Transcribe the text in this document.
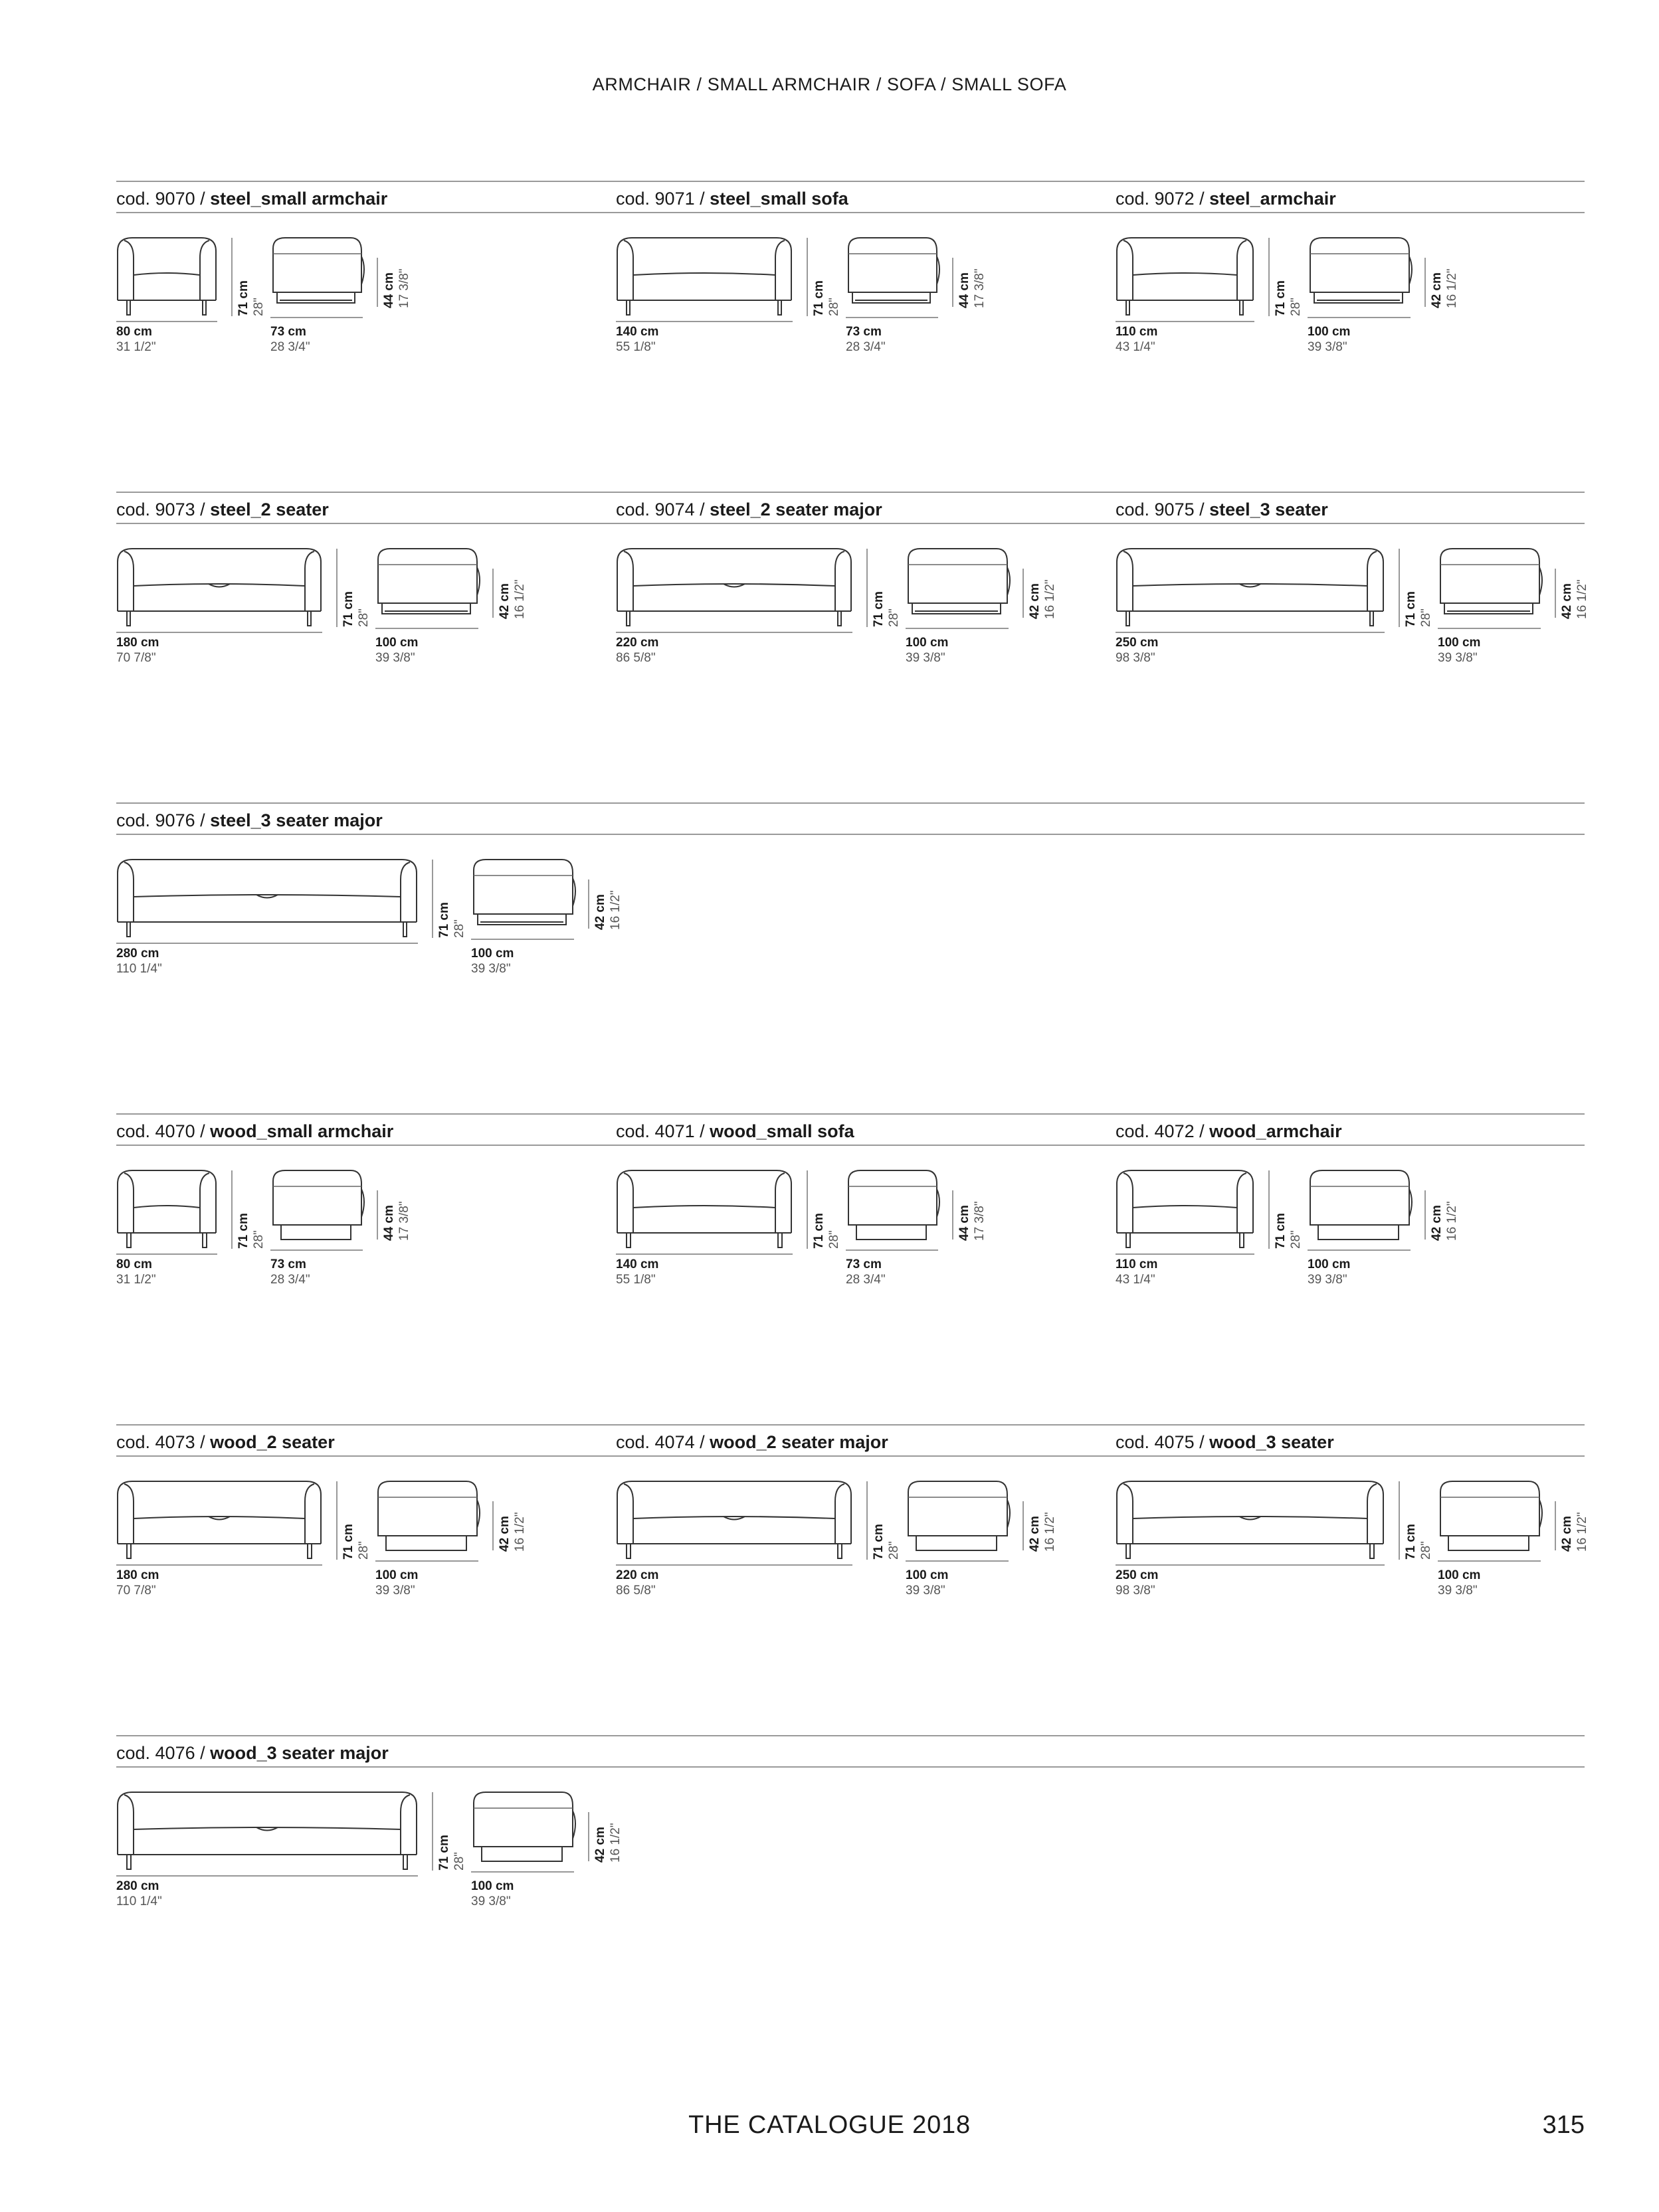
ARMCHAIR / SMALL ARMCHAIR / SOFA / SMALL SOFA
cod. 9070 / steel_small armchair
80 cm
31 1/2"
71 cm 28"
73 cm
28 3/4"
44 cm 17 3/8"
cod. 9071 / steel_small sofa
140 cm
55 1/8"
71 cm 28"
73 cm
28 3/4"
44 cm 17 3/8"
cod. 9072 / steel_armchair
110 cm
43 1/4"
71 cm 28"
100 cm
39 3/8"
42 cm 16 1/2"
cod. 9073 / steel_2 seater
180 cm
70 7/8"
71 cm 28"
100 cm
39 3/8"
42 cm 16 1/2"
cod. 9074 / steel_2 seater major
220 cm
86 5/8"
71 cm 28"
100 cm
39 3/8"
42 cm 16 1/2"
cod. 9075 / steel_3 seater
250 cm
98 3/8"
71 cm 28"
100 cm
39 3/8"
42 cm 16 1/2"
cod. 9076 / steel_3 seater major
280 cm
110 1/4"
71 cm 28"
100 cm
39 3/8"
42 cm 16 1/2"
cod. 4070 / wood_small armchair
80 cm
31 1/2"
71 cm 28"
73 cm
28 3/4"
44 cm 17 3/8"
cod. 4071 / wood_small sofa
140 cm
55 1/8"
71 cm 28"
73 cm
28 3/4"
44 cm 17 3/8"
cod. 4072 / wood_armchair
110 cm
43 1/4"
71 cm 28"
100 cm
39 3/8"
42 cm 16 1/2"
cod. 4073 / wood_2 seater
180 cm
70 7/8"
71 cm 28"
100 cm
39 3/8"
42 cm 16 1/2"
cod. 4074 / wood_2 seater major
220 cm
86 5/8"
71 cm 28"
100 cm
39 3/8"
42 cm 16 1/2"
cod. 4075 / wood_3 seater
250 cm
98 3/8"
71 cm 28"
100 cm
39 3/8"
42 cm 16 1/2"
cod. 4076 / wood_3 seater major
280 cm
110 1/4"
71 cm 28"
100 cm
39 3/8"
42 cm 16 1/2"
THE CATALOGUE 2018	315
